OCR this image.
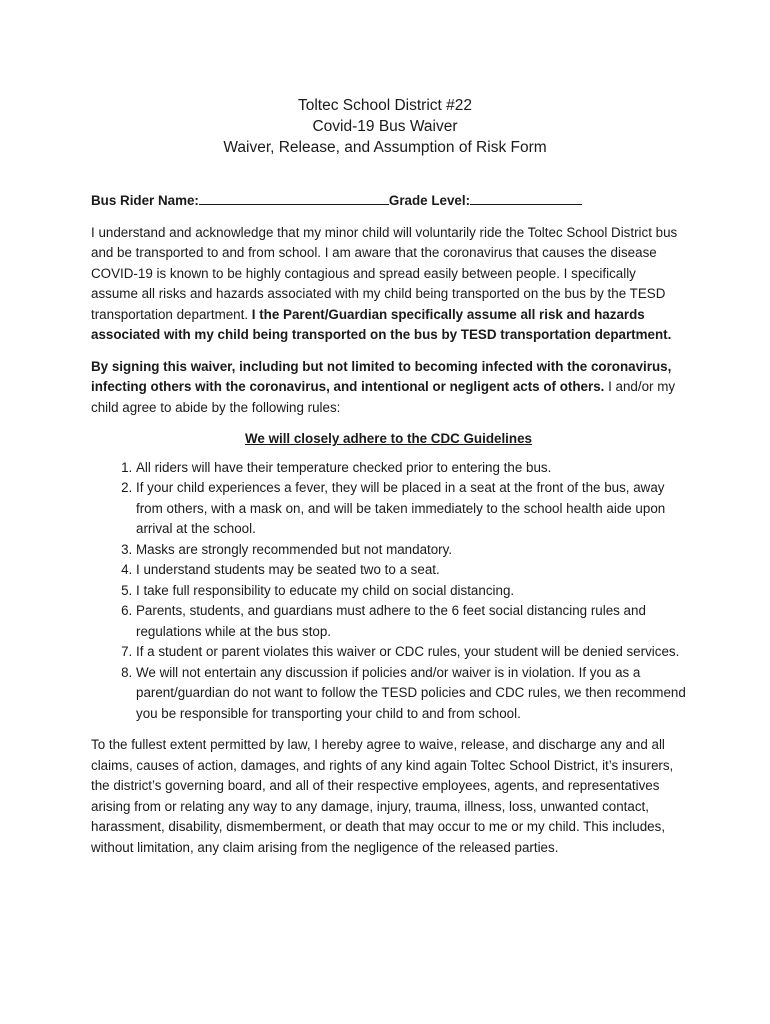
Toltec School District #22
Covid-19 Bus Waiver
Waiver, Release, and Assumption of Risk Form
Bus Rider Name:	Grade Level:

I understand and acknowledge that my minor child will voluntarily ride the Toltec School District bus and be transported to and from school. I am aware that the coronavirus that causes the disease COVID-19 is known to be highly contagious and spread easily between people. I specifically assume all risks and hazards associated with my child being transported on the bus by the TESD transportation department. I the Parent/Guardian specifically assume all risk and hazards associated with my child being transported on the bus by TESD transportation department.

By signing this waiver, including but not limited to becoming infected with the coronavirus, infecting others with the coronavirus, and intentional or negligent acts of others. I and/or my child agree to abide by the following rules:

We will closely adhere to the CDC Guidelines
1. All riders will have their temperature checked prior to entering the bus.
2. If your child experiences a fever, they will be placed in a seat at the front of the bus, away from others, with a mask on, and will be taken immediately to the school health aide upon arrival at the school.
3. Masks are strongly recommended but not mandatory.
4. I understand students may be seated two to a seat.
5. I take full responsibility to educate my child on social distancing.
6. Parents, students, and guardians must adhere to the 6 feet social distancing rules and regulations while at the bus stop.
7. If a student or parent violates this waiver or CDC rules, your student will be denied services.
8. We will not entertain any discussion if policies and/or waiver is in violation. If you as a parent/guardian do not want to follow the TESD policies and CDC rules, we then recommend you be responsible for transporting your child to and from school.

To the fullest extent permitted by law, I hereby agree to waive, release, and discharge any and all claims, causes of action, damages, and rights of any kind again Toltec School District, it’s insurers, the district’s governing board, and all of their respective employees, agents, and representatives arising from or relating any way to any damage, injury, trauma, illness, loss, unwanted contact, harassment, disability, dismemberment, or death that may occur to me or my child. This includes, without limitation, any claim arising from the negligence of the released parties.
